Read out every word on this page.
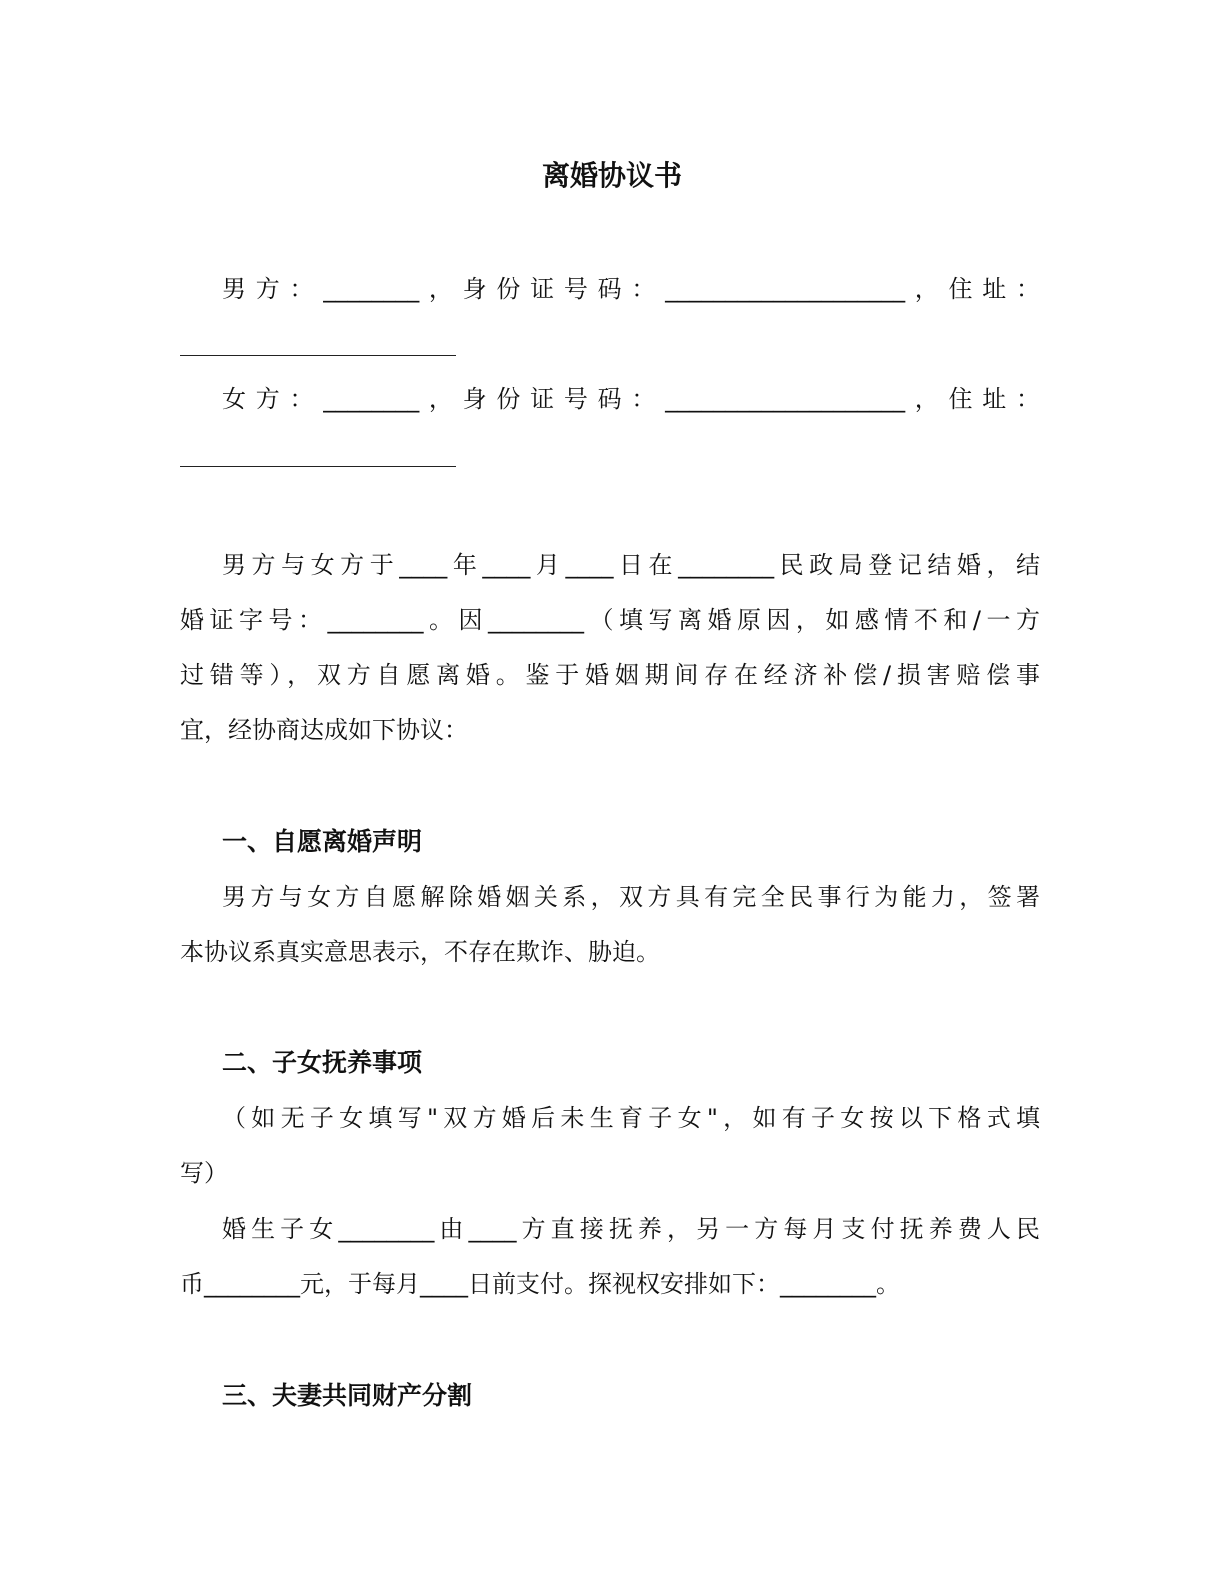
离婚协议书

男方：________，身份证号码：____________________，住址：

女方：________，身份证号码：____________________，住址：

男方与女方于____年____月____日在________民政局登记结婚，结

婚证字号：________。因________（填写离婚原因，如感情不和/一方

过错等），双方自愿离婚。鉴于婚姻期间存在经济补偿/损害赔偿事

宜，经协商达成如下协议：

一、自愿离婚声明

男方与女方自愿解除婚姻关系，双方具有完全民事行为能力，签署

本协议系真实意思表示，不存在欺诈、胁迫。

二、子女抚养事项

（如无子女填写"双方婚后未生育子女"，如有子女按以下格式填

写）

婚生子女________由____方直接抚养，另一方每月支付抚养费人民

币________元，于每月____日前支付。探视权安排如下：________。

三、夫妻共同财产分割
